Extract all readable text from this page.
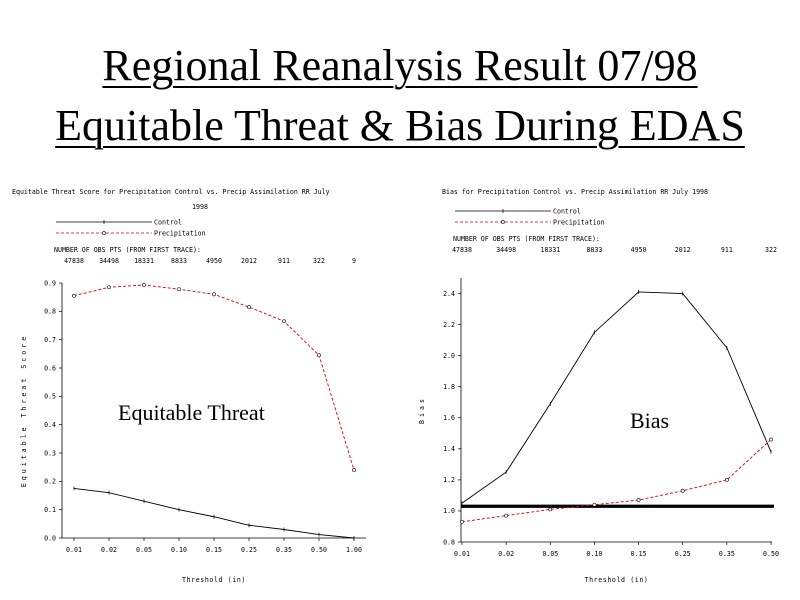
Regional Reanalysis Result 07/98
Equitable Threat & Bias During EDAS
Equitable Threat Score for Precipitation Control vs. Precip Assimilation RR July
1998
Control
Precipitation
NUMBER OF OBS PTS (FROM FIRST TRACE):
47838 34498 18331	8833	4950	2012	911	322	9
0.0
0.1
0.2
0.3
0.4
0.5
0.6
0.7
0.8
0.9
0.01	0.02	0.05	0.10	0.15	0.25	0.35	0.50	1.00
Threshold (in)
Equitable Threat Score	Equitable Threat
Bias for Precipitation Control vs. Precip Assimilation RR July 1998
Control
Precipitation
NUMBER OF OBS PTS (FROM FIRST TRACE):
47838	34498	18331	8833	4950	2012	911	322
0.8
1.0
1.2
1.4
1.6
1.8
2.0
2.2
2.4
0.01	0.02	0.05	0.10	0.15	0.25	0.35	0.50
Threshold (in)
Bias	Bias
